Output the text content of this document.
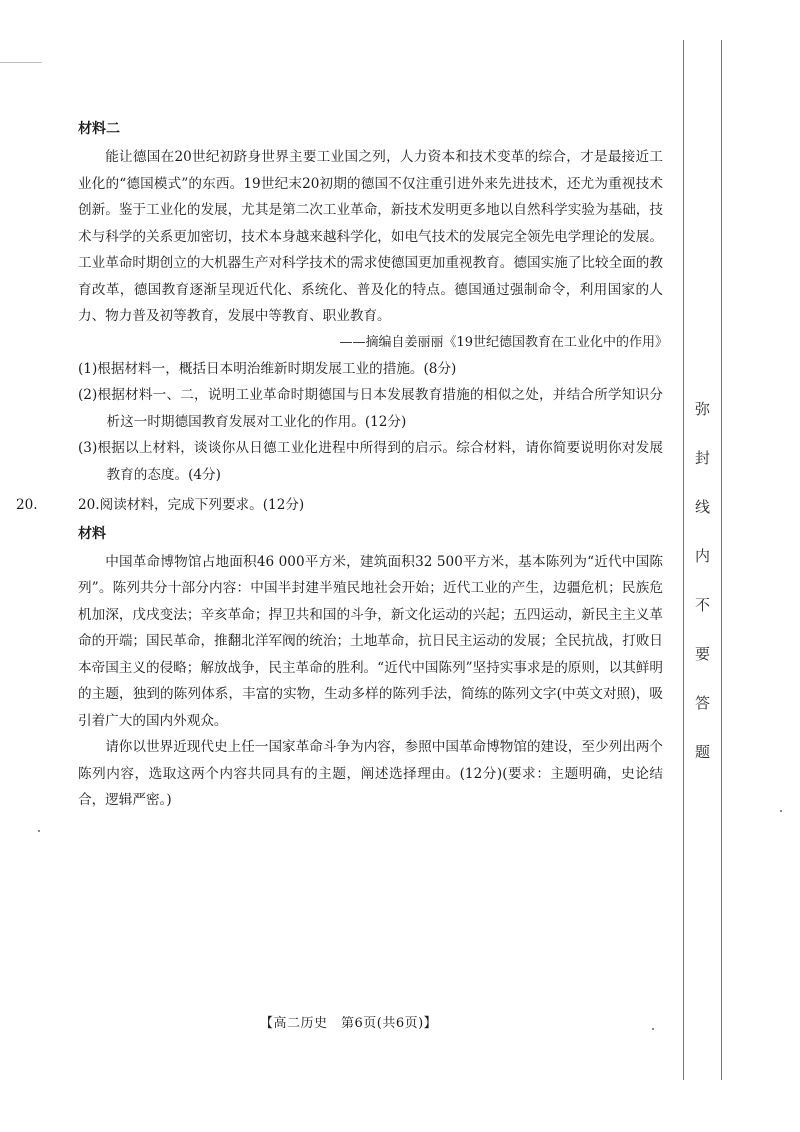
材料二

能让德国在20世纪初跻身世界主要工业国之列，人力资本和技术变革的综合，才是最接近工业化的“德国模式”的东西。19世纪末20初期的德国不仅注重引进外来先进技术，还尤为重视技术创新。鉴于工业化的发展，尤其是第二次工业革命，新技术发明更多地以自然科学实验为基础，技术与科学的关系更加密切，技术本身越来越科学化，如电气技术的发展完全领先电学理论的发展。工业革命时期创立的大机器生产对科学技术的需求使德国更加重视教育。德国实施了比较全面的教育改革，德国教育逐渐呈现近代化、系统化、普及化的特点。德国通过强制命令，利用国家的人力、物力普及初等教育，发展中等教育、职业教育。

——摘编自姜丽丽《19世纪德国教育在工业化中的作用》

(1)根据材料一，概括日本明治维新时期发展工业的措施。(8分)

(2)根据材料一、二，说明工业革命时期德国与日本发展教育措施的相似之处，并结合所学知识分析这一时期德国教育发展对工业化的作用。(12分)

(3)根据以上材料，谈谈你从日德工业化进程中所得到的启示。综合材料，请你简要说明你对发展教育的态度。(4分)

20.	20.阅读材料，完成下列要求。(12分)
材料

中国革命博物馆占地面积46 000平方米，建筑面积32 500平方米，基本陈列为“近代中国陈列”。陈列共分十部分内容：中国半封建半殖民地社会开始；近代工业的产生，边疆危机；民族危机加深，戊戌变法；辛亥革命；捍卫共和国的斗争，新文化运动的兴起；五四运动，新民主主义革命的开端；国民革命，推翻北洋军阀的统治；土地革命，抗日民主运动的发展；全民抗战，打败日本帝国主义的侵略；解放战争，民主革命的胜利。“近代中国陈列”坚持实事求是的原则，以其鲜明的主题，独到的陈列体系，丰富的实物，生动多样的陈列手法，简练的陈列文字(中英文对照)，吸引着广大的国内外观众。

请你以世界近现代史上任一国家革命斗争为内容，参照中国革命博物馆的建设，至少列出两个陈列内容，选取这两个内容共同具有的主题，阐述选择理由。(12分)(要求：主题明确，史论结合，逻辑严密。)

【高二历史　第6页(共6页)】
弥
封
线
内
不
要
答
题
